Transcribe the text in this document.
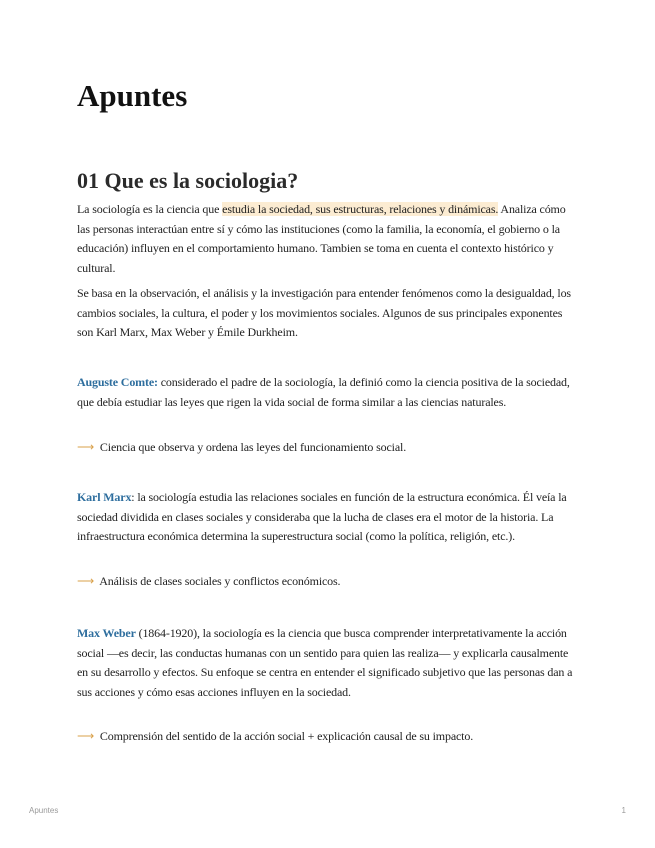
Apuntes
01 Que es la sociologia?

La sociología es la ciencia que estudia la sociedad, sus estructuras, relaciones y dinámicas. Analiza cómo las personas interactúan entre sí y cómo las instituciones (como la familia, la economía, el gobierno o la educación) influyen en el comportamiento humano. Tambien se toma en cuenta el contexto histórico y cultural.

Se basa en la observación, el análisis y la investigación para entender fenómenos como la desigualdad, los cambios sociales, la cultura, el poder y los movimientos sociales. Algunos de sus principales exponentes son Karl Marx, Max Weber y Émile Durkheim.

Auguste Comte: considerado el padre de la sociología, la definió como la ciencia positiva de la sociedad, que debía estudiar las leyes que rigen la vida social de forma similar a las ciencias naturales.

⟶ Ciencia que observa y ordena las leyes del funcionamiento social.

Karl Marx: la sociología estudia las relaciones sociales en función de la estructura económica. Él veía la sociedad dividida en clases sociales y consideraba que la lucha de clases era el motor de la historia. La infraestructura económica determina la superestructura social (como la política, religión, etc.).

⟶ Análisis de clases sociales y conflictos económicos.

Max Weber (1864-1920), la sociología es la ciencia que busca comprender interpretativamente la acción social —es decir, las conductas humanas con un sentido para quien las realiza— y explicarla causalmente en su desarrollo y efectos. Su enfoque se centra en entender el significado subjetivo que las personas dan a sus acciones y cómo esas acciones influyen en la sociedad.

⟶ Comprensión del sentido de la acción social + explicación causal de su impacto.
Apuntes	1
